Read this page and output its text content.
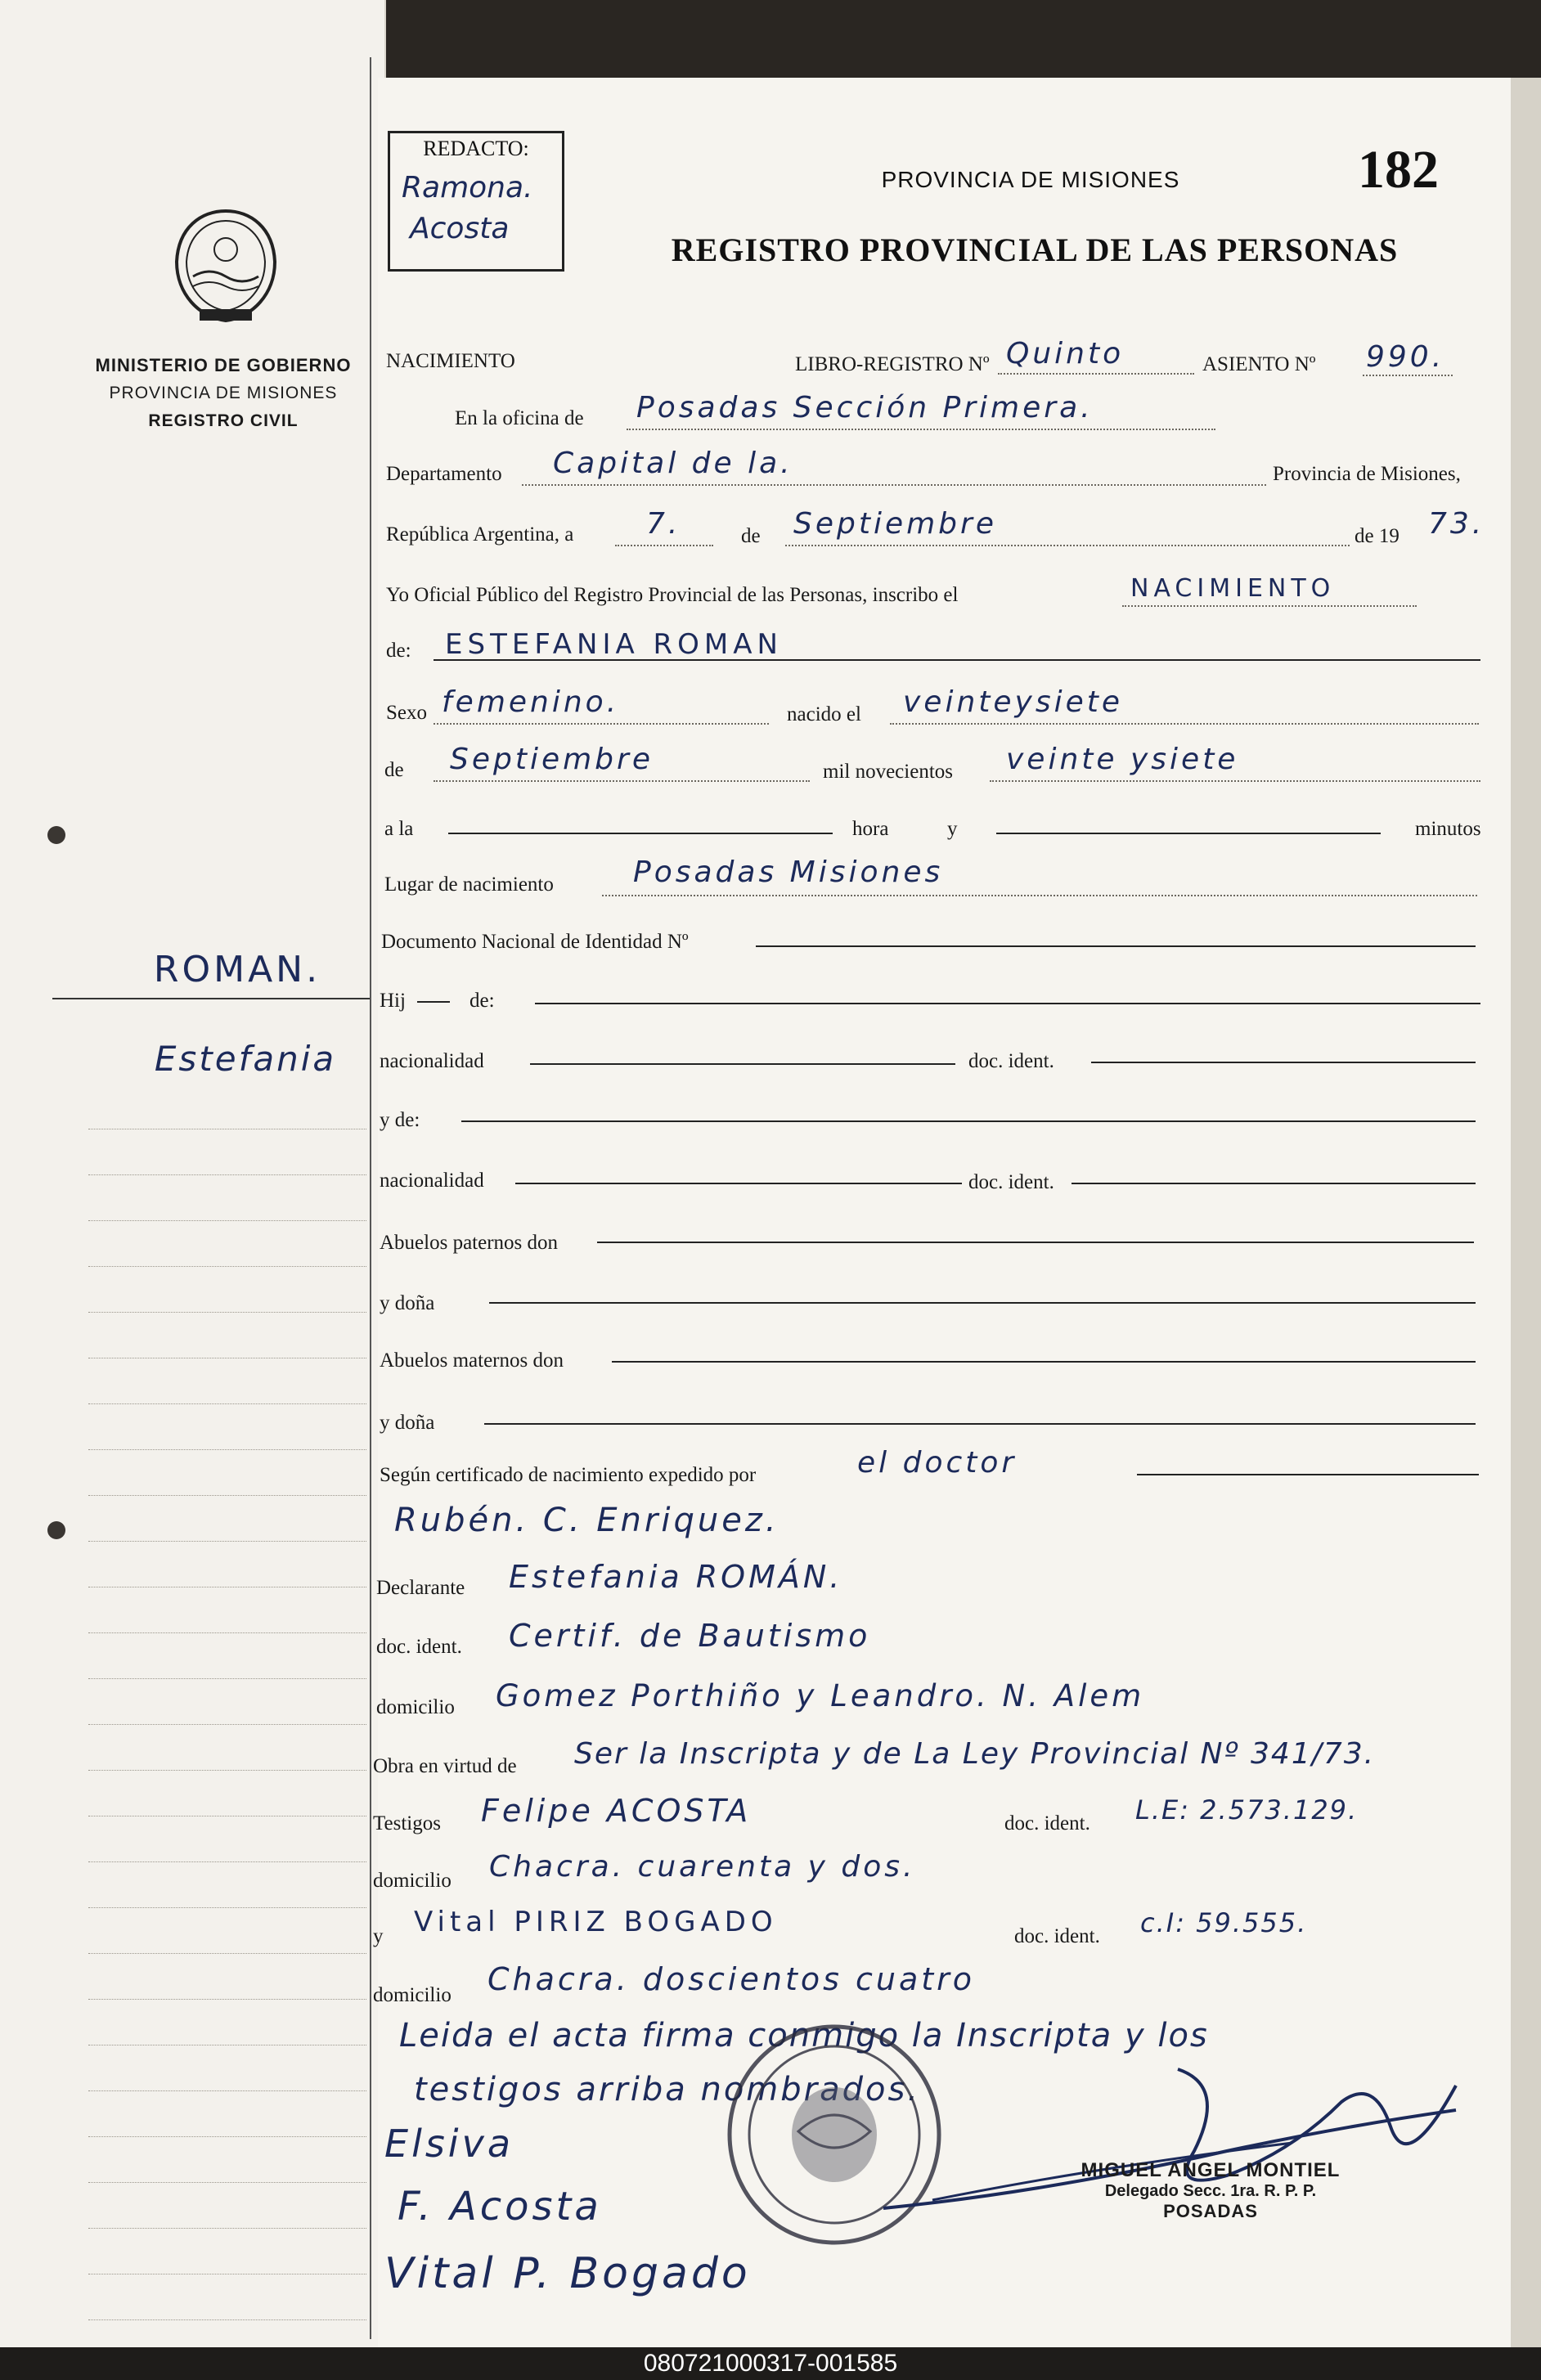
MINISTERIO DE GOBIERNO
PROVINCIA DE MISIONES
REGISTRO CIVIL
ROMAN.
Estefania
REDACTO:
Ramona.
Acosta
PROVINCIA DE MISIONES	182
REGISTRO PROVINCIAL DE LAS PERSONAS
NACIMIENTO	LIBRO-REGISTRO Nº Quinto	ASIENTO Nº 990.
En la oficina de Posadas Sección Primera.
Departamento Capital de la.	Provincia de Misiones,
República Argentina, a 7.	de Septiembre	de 19 73.
Yo Oficial Público del Registro Provincial de las Personas, inscribo el	NACIMIENTO
de: ESTEFANIA ROMAN
Sexo femenino.	nacido el veinteysiete
de Septiembre	mil novecientos veinte ysiete
a la	hora	y	minutos
Lugar de nacimiento	Posadas Misiones
Documento Nacional de Identidad Nº
Hij	de:
nacionalidad	doc. ident.
y de:
nacionalidad	doc. ident.
Abuelos paternos don
y doña
Abuelos maternos don
y doña
Según certificado de nacimiento expedido por	el doctor
Rubén. C. Enriquez.
Declarante Estefania ROMÁN.
doc. ident. Certif. de Bautismo
domicilio Gomez Porthiño y Leandro. N. Alem
Obra en virtud de Ser la Inscripta y de La Ley Provincial Nº 341/73.
Testigos Felipe ACOSTA	doc. ident. L.E: 2.573.129.
domicilio Chacra. cuarenta y dos.
y Vital PIRIZ BOGADO	doc. ident. c.I: 59.555.
domicilio Chacra. doscientos cuatro
Leida el acta firma conmigo la Inscripta y los
testigos arriba nombrados.
Elsiva
F. Acosta
Vital P. Bogado
MIGUEL ANGEL MONTIEL
Delegado Secc. 1ra. R. P. P.
POSADAS
080721000317-001585
